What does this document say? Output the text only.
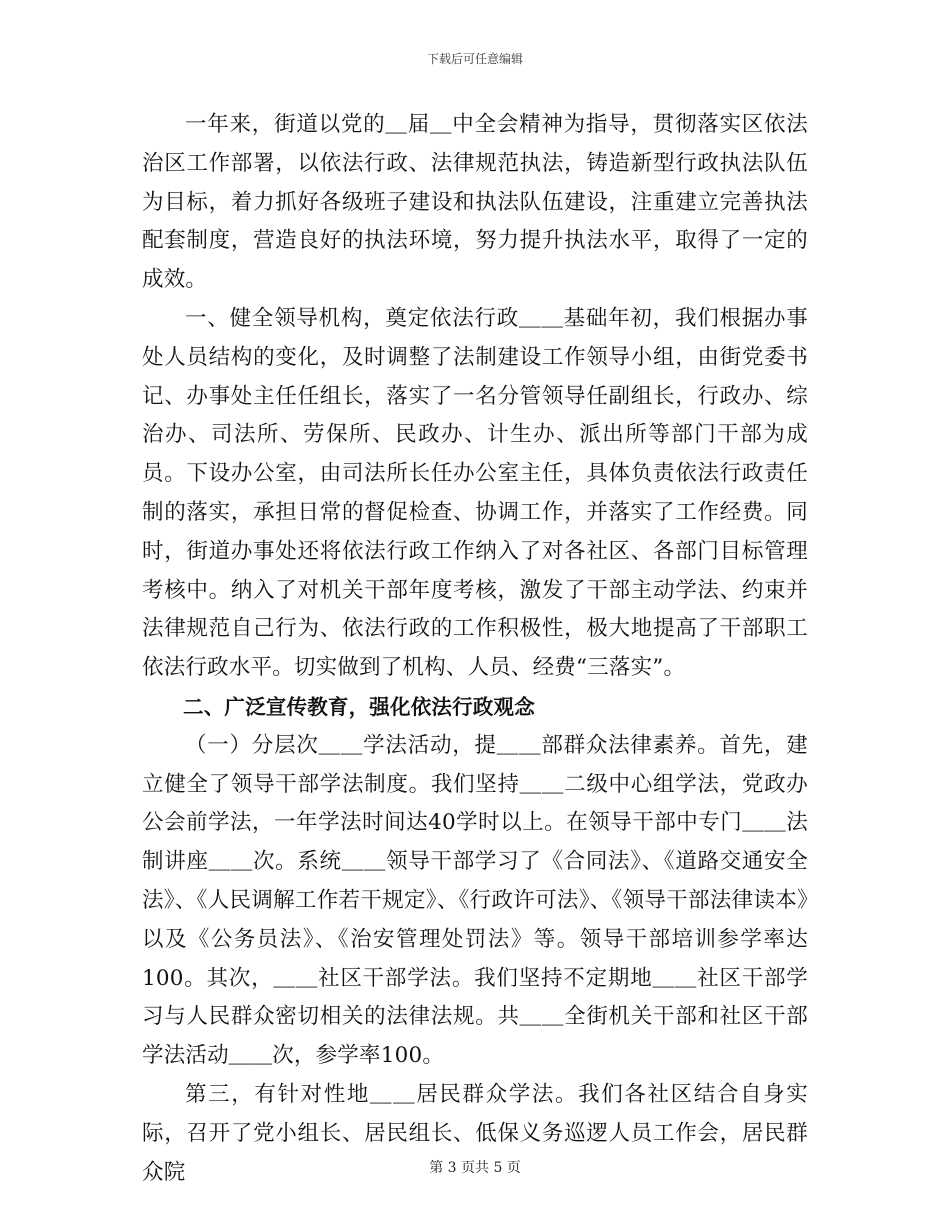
下载后可任意编辑

一年来，街道以党的＿届＿中全会精神为指导，贯彻落实区依法治区工作部署，以依法行政、法律规范执法，铸造新型行政执法队伍为目标，着力抓好各级班子建设和执法队伍建设，注重建立完善执法配套制度，营造良好的执法环境，努力提升执法水平，取得了一定的成效。

一、健全领导机构，奠定依法行政＿＿基础年初，我们根据办事处人员结构的变化，及时调整了法制建设工作领导小组，由街党委书记、办事处主任任组长，落实了一名分管领导任副组长，行政办、综治办、司法所、劳保所、民政办、计生办、派出所等部门干部为成员。下设办公室，由司法所长任办公室主任，具体负责依法行政责任制的落实，承担日常的督促检查、协调工作，并落实了工作经费。同时，街道办事处还将依法行政工作纳入了对各社区、各部门目标管理考核中。纳入了对机关干部年度考核，激发了干部主动学法、约束并法律规范自己行为、依法行政的工作积极性，极大地提高了干部职工依法行政水平。切实做到了机构、人员、经费“三落实”。

二、广泛宣传教育，强化依法行政观念

（一）分层次＿＿学法活动，提＿＿部群众法律素养。首先，建立健全了领导干部学法制度。我们坚持＿＿二级中心组学法，党政办公会前学法，一年学法时间达40学时以上。在领导干部中专门＿＿法制讲座＿＿次。系统＿＿领导干部学习了《合同法》、《道路交通安全法》、《人民调解工作若干规定》、《行政许可法》、《领导干部法律读本》以及《公务员法》、《治安管理处罚法》等。领导干部培训参学率达100。其次，＿＿社区干部学法。我们坚持不定期地＿＿社区干部学习与人民群众密切相关的法律法规。共＿＿全街机关干部和社区干部学法活动＿＿次，参学率100。

第三，有针对性地＿＿居民群众学法。我们各社区结合自身实际，召开了党小组长、居民组长、低保义务巡逻人员工作会，居民群众院	第 3 页共 5 页
